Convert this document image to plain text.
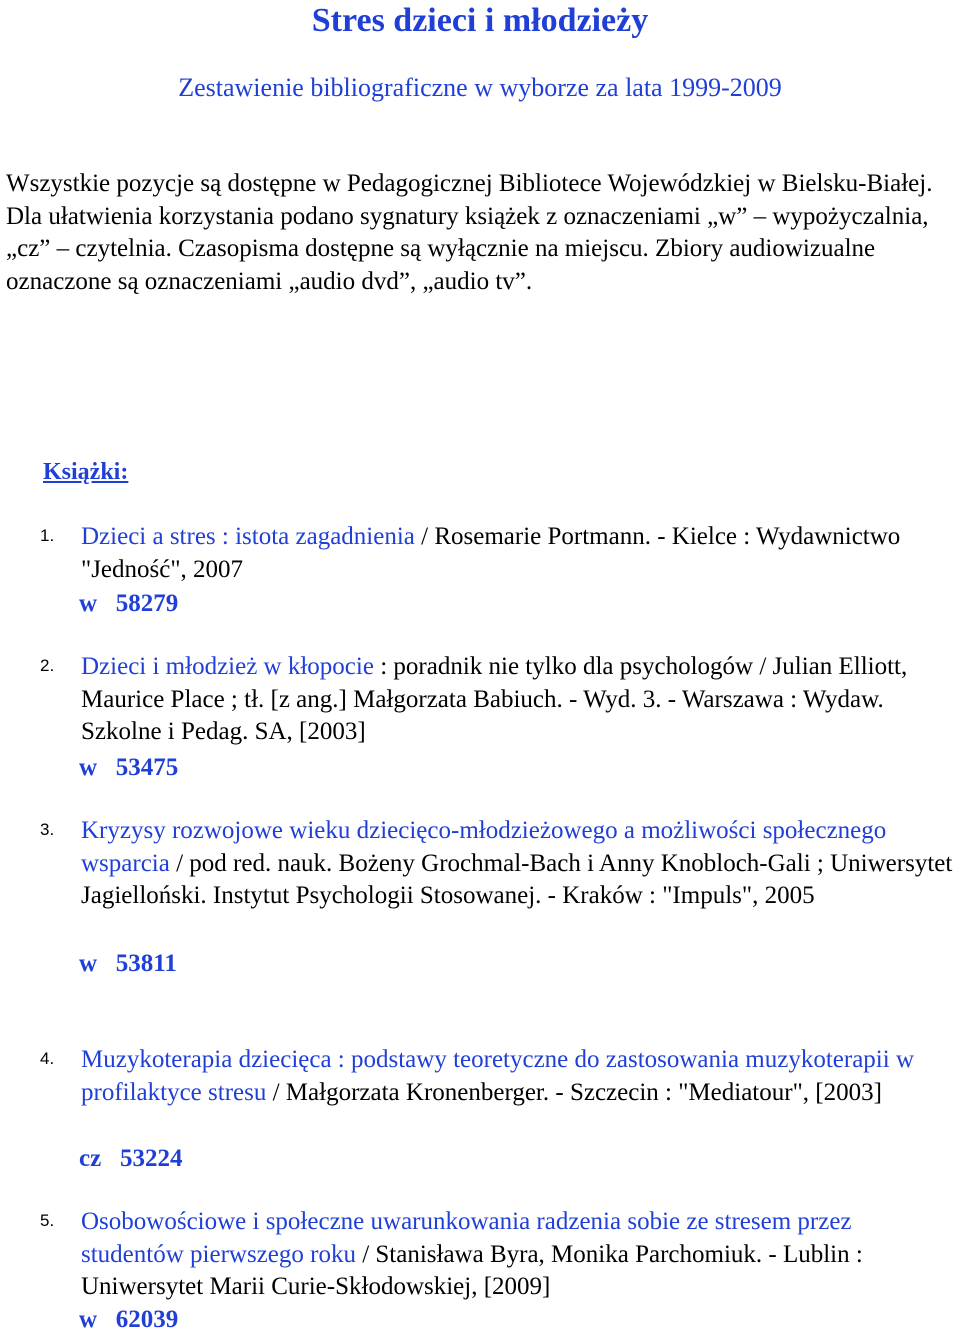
Stres dzieci i młodzieży
Zestawienie bibliograficzne w wyborze za lata 1999-2009

Wszystkie pozycje są dostępne w Pedagogicznej Bibliotece Wojewódzkiej w Bielsku-Białej. Dla ułatwienia korzystania podano sygnatury książek z oznaczeniami „w” – wypożyczalnia, „cz” – czytelnia. Czasopisma dostępne są wyłącznie na miejscu. Zbiory audiowizualne oznaczone są oznaczeniami „audio dvd”, „audio tv”.

Książki:
1. Dzieci a stres : istota zagadnienia / Rosemarie Portmann. - Kielce : Wydawnictwo "Jedność", 2007
w   58279
2. Dzieci i młodzież w kłopocie : poradnik nie tylko dla psychologów / Julian Elliott, Maurice Place ; tł. [z ang.] Małgorzata Babiuch. - Wyd. 3. - Warszawa : Wydaw. Szkolne i Pedag. SA, [2003]
w   53475
3. Kryzysy rozwojowe wieku dziecięco-młodzieżowego a możliwości społecznego wsparcia / pod red. nauk. Bożeny Grochmal-Bach i Anny Knobloch-Gali ; Uniwersytet Jagielloński. Instytut Psychologii Stosowanej. - Kraków : "Impuls", 2005
w   53811
4. Muzykoterapia dziecięca : podstawy teoretyczne do zastosowania muzykoterapii w profilaktyce stresu / Małgorzata Kronenberger. - Szczecin : "Mediatour", [2003]
cz   53224
5. Osobowościowe i społeczne uwarunkowania radzenia sobie ze stresem przez studentów pierwszego roku / Stanisława Byra, Monika Parchomiuk. - Lublin : Uniwersytet Marii Curie-Skłodowskiej, [2009]
w   62039
